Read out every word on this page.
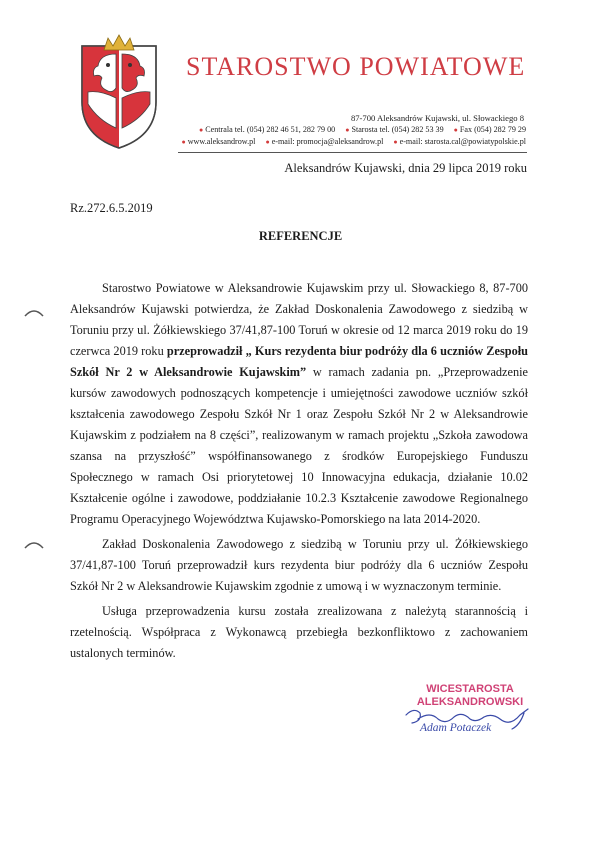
STAROSTWO POWIATOWE
87-700 Aleksandrów Kujawski, ul. Słowackiego 8
● Centrala tel. (054) 282 46 51, 282 79 00 ● Starosta tel. (054) 282 53 39 ● Fax (054) 282 79 29
● www.aleksandrow.pl ● e-mail: promocja@aleksandrow.pl ● e-mail: starosta.cal@powiatypolskie.pl
Aleksandrów Kujawski, dnia 29 lipca 2019 roku
Rz.272.6.5.2019
REFERENCJE

Starostwo Powiatowe w Aleksandrowie Kujawskim przy ul. Słowackiego 8, 87-700 Aleksandrów Kujawski potwierdza, że Zakład Doskonalenia Zawodowego z siedzibą w Toruniu przy ul. Żółkiewskiego 37/41,87-100 Toruń w okresie od 12 marca 2019 roku do 19 czerwca 2019 roku przeprowadził „ Kurs rezydenta biur podróży dla 6 uczniów Zespołu Szkół Nr 2 w Aleksandrowie Kujawskim” w ramach zadania pn. „Przeprowadzenie kursów zawodowych podnoszących kompetencje i umiejętności zawodowe uczniów szkół kształcenia zawodowego Zespołu Szkół Nr 1 oraz Zespołu Szkół Nr 2 w Aleksandrowie Kujawskim z podziałem na 8 części”, realizowanym w ramach projektu „Szkoła zawodowa szansa na przyszłość” współfinansowanego z środków Europejskiego Funduszu Społecznego w ramach Osi priorytetowej 10 Innowacyjna edukacja, działanie 10.02 Kształcenie ogólne i zawodowe, poddziałanie 10.2.3 Kształcenie zawodowe Regionalnego Programu Operacyjnego Województwa Kujawsko-Pomorskiego na lata 2014-2020.

Zakład Doskonalenia Zawodowego z siedzibą w Toruniu przy ul. Żółkiewskiego 37/41,87-100 Toruń przeprowadził kurs rezydenta biur podróży dla 6 uczniów Zespołu Szkół Nr 2 w Aleksandrowie Kujawskim zgodnie z umową i w wyznaczonym terminie.

Usługa przeprowadzenia kursu została zrealizowana z należytą starannością i rzetelnością. Współpraca z Wykonawcą przebiegła bezkonfliktowo z zachowaniem ustalonych terminów.

WICESTAROSTA
ALEKSANDROWSKI
Adam Potaczek
